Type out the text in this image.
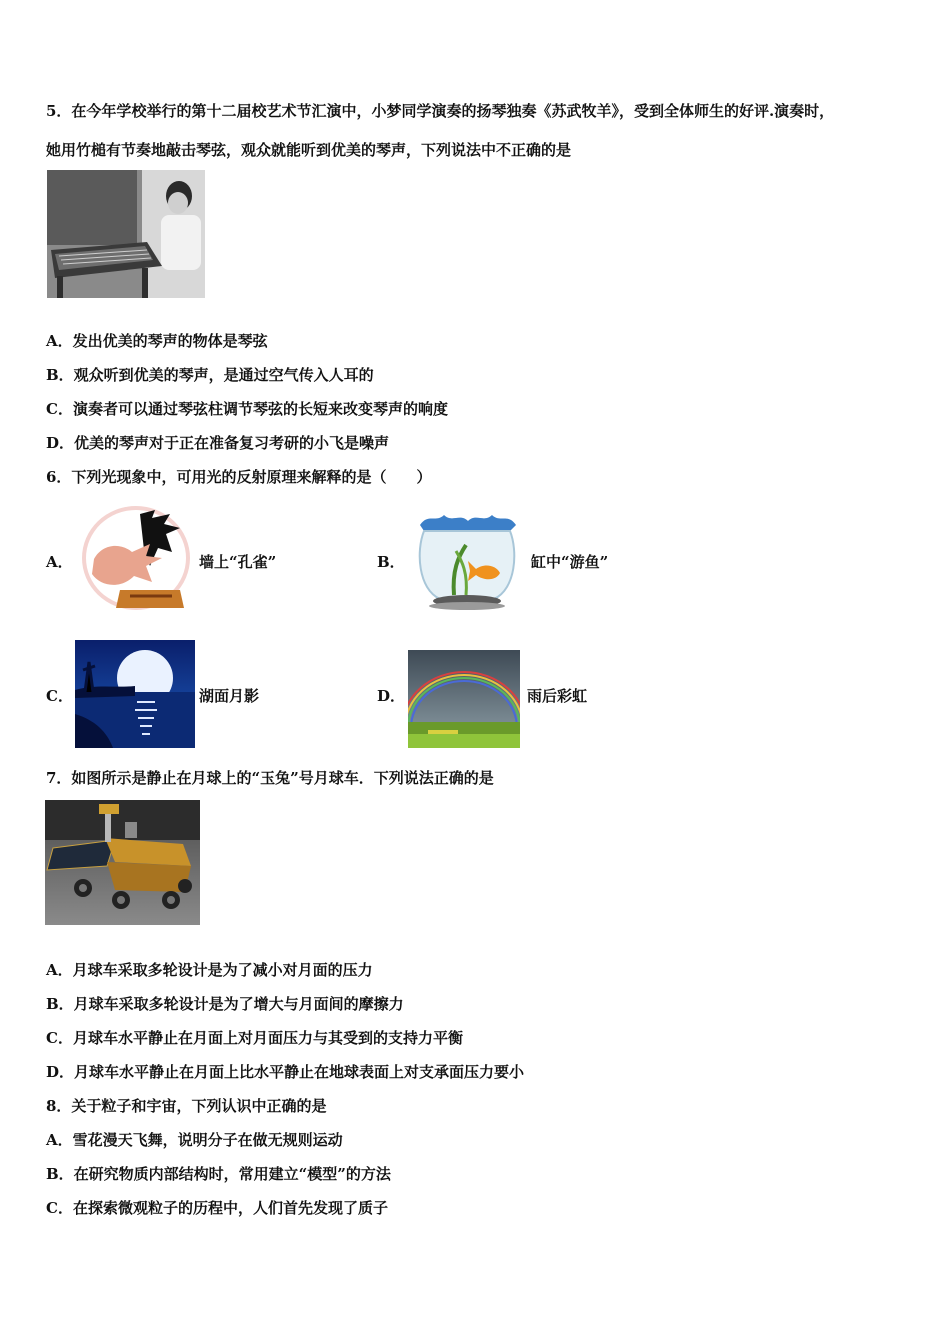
5．在今年学校举行的第十二届校艺术节汇演中，小梦同学演奏的扬琴独奏《苏武牧羊》，受到全体师生的好评.演奏时，
她用竹槌有节奏地敲击琴弦，观众就能听到优美的琴声，下列说法中不正确的是
A．发出优美的琴声的物体是琴弦
B．观众听到优美的琴声，是通过空气传入人耳的
C．演奏者可以通过琴弦柱调节琴弦的长短来改变琴声的响度
D．优美的琴声对于正在准备复习考研的小飞是噪声
6．下列光现象中，可用光的反射原理来解释的是（　　）
A．	墙上“孔雀”	B．	缸中“游鱼”
C．	湖面月影	D．	雨后彩虹
7．如图所示是静止在月球上的“玉兔”号月球车．下列说法正确的是
A．月球车采取多轮设计是为了减小对月面的压力
B．月球车采取多轮设计是为了增大与月面间的摩擦力
C．月球车水平静止在月面上对月面压力与其受到的支持力平衡
D．月球车水平静止在月面上比水平静止在地球表面上对支承面压力要小
8．关于粒子和宇宙，下列认识中正确的是
A．雪花漫天飞舞，说明分子在做无规则运动
B．在研究物质内部结构时，常用建立“模型”的方法
C．在探索微观粒子的历程中，人们首先发现了质子
